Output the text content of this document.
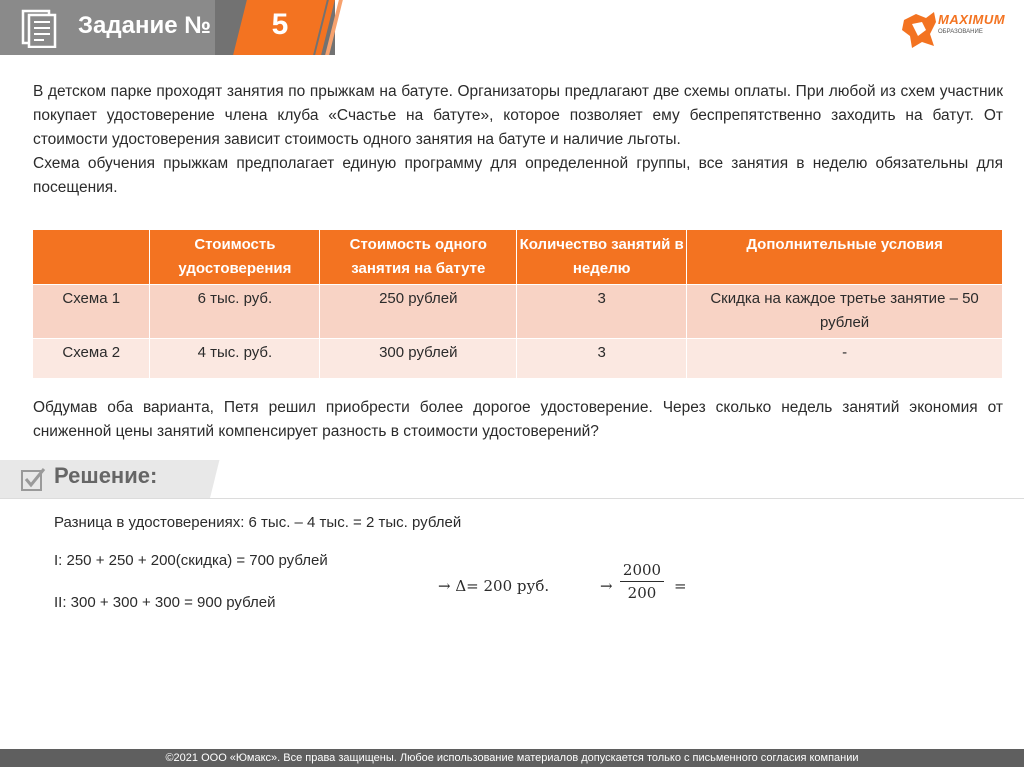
Задание №	5	MAXIMUM
ОБРАЗОВАНИЕ

В детском парке проходят занятия по прыжкам на батуте. Организаторы предлагают две схемы оплаты. При любой из схем участник покупает удостоверение члена клуба «Счастье на батуте», которое позволяет ему беспрепятственно заходить на батут. От стоимости удостоверения зависит стоимость одного занятия на батуте и наличие льготы.

Схема обучения прыжкам предполагает единую программу для определенной группы, все занятия в неделю обязательны для посещения.

	Стоимость удостоверения	Стоимость одного занятия на батуте	Количество занятий в неделю	Дополнительные условия
Схема 1	6 тыс. руб.	250 рублей	3	Скидка на каждое третье занятие – 50 рублей
Схема 2	4 тыс. руб.	300 рублей	3	-
Обдумав оба варианта, Петя решил приобрести более дорогое удостоверение. Через сколько недель занятий экономия от сниженной цены занятий компенсирует разность в стоимости удостоверений?
Решение:
Разница в удостоверениях: 6 тыс. – 4 тыс. = 2 тыс. рублей
I: 250 + 250 + 200(скидка) = 700 рублей
II: 300 + 300 + 300 = 900 рублей
→ Δ= 200 руб.	→
2000
200	=
©2021 ООО «Юмакс». Все права защищены. Любое использование материалов допускается только с письменного согласия компании
